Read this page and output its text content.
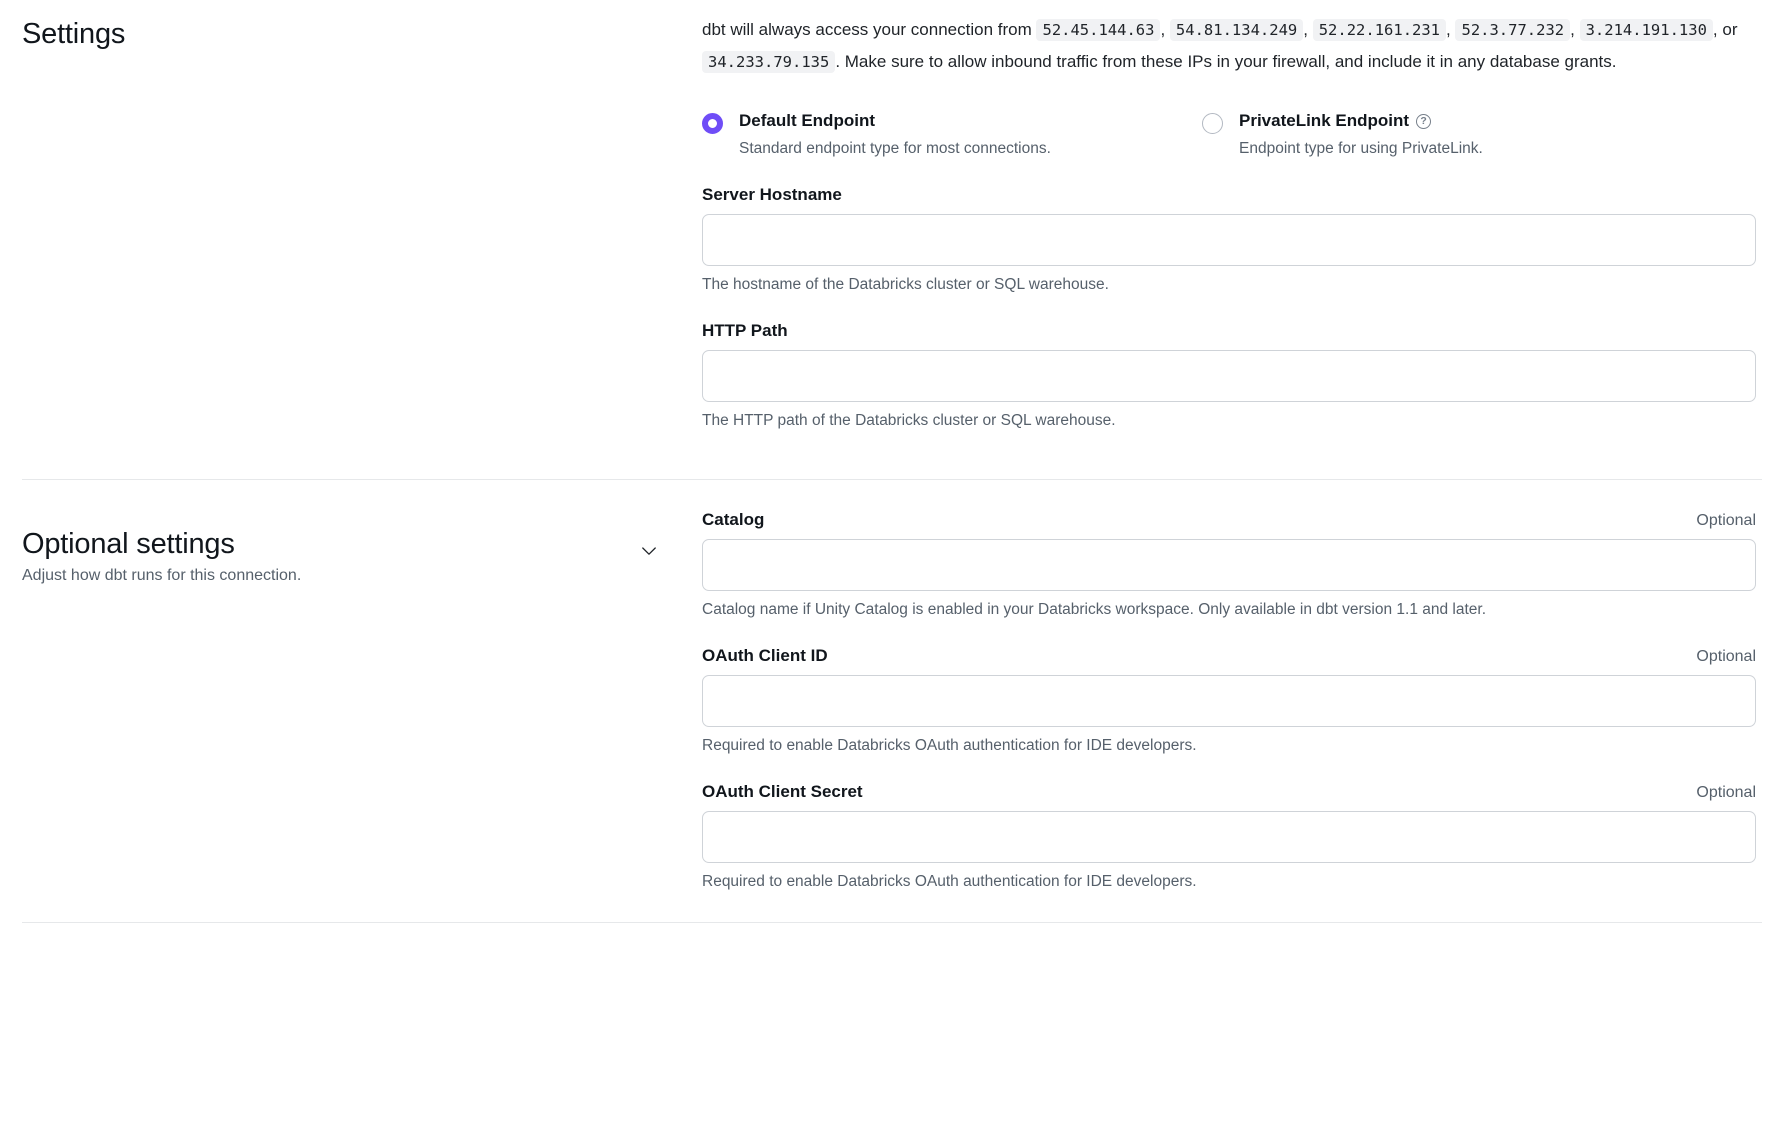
Settings	dbt will always access your connection from 52.45.144.63 , 54.81.134.249 , 52.22.161.231 , 52.3.77.232 , 3.214.191.130 , or 34.233.79.135 . Make sure to allow inbound traffic from these IPs in your firewall, and include it in any database grants.

Default Endpoint
Standard endpoint type for most connections.
PrivateLink Endpoint	?
Endpoint type for using PrivateLink.
Server Hostname
The hostname of the Databricks cluster or SQL warehouse.
HTTP Path
The HTTP path of the Databricks cluster or SQL warehouse.
Optional settings

Adjust how dbt runs for this connection.

Catalog	Optional
Catalog name if Unity Catalog is enabled in your Databricks workspace. Only available in dbt version 1.1 and later.
OAuth Client ID	Optional
Required to enable Databricks OAuth authentication for IDE developers.
OAuth Client Secret	Optional
Required to enable Databricks OAuth authentication for IDE developers.
